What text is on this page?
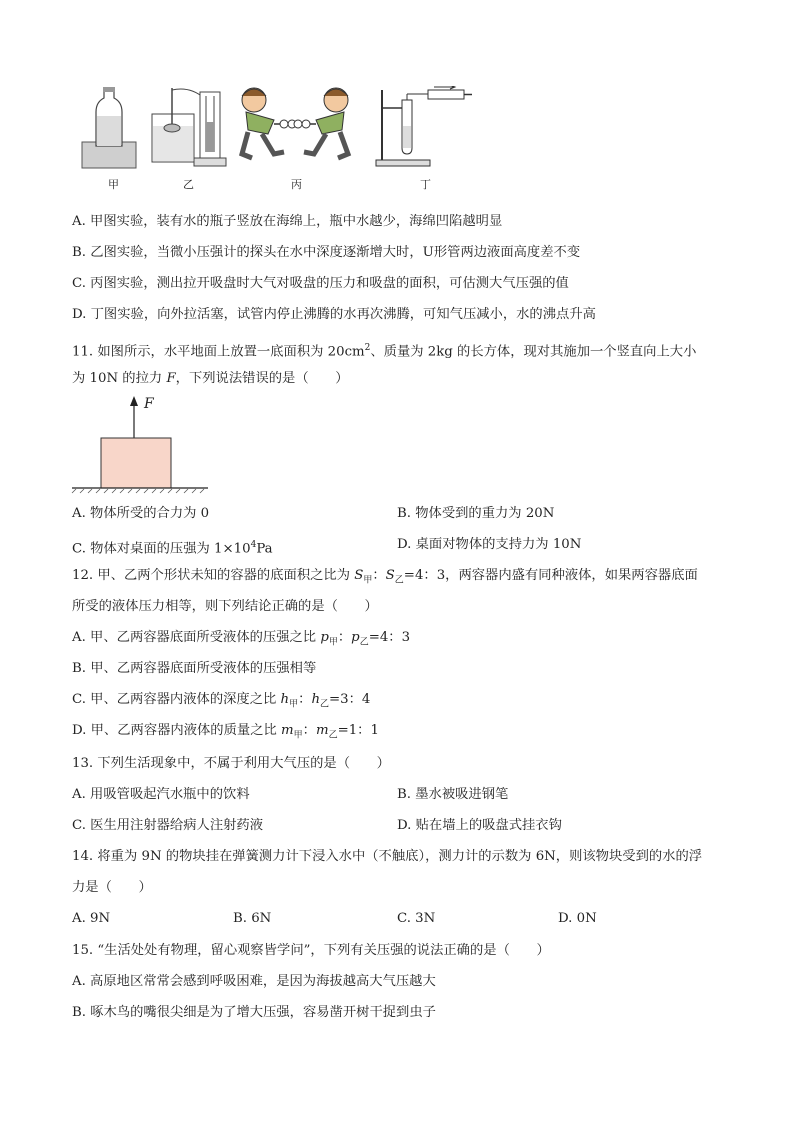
甲	乙	丙	丁
A. 甲图实验，装有水的瓶子竖放在海绵上，瓶中水越少，海绵凹陷越明显
B. 乙图实验，当微小压强计的探头在水中深度逐渐增大时，U形管两边液面高度差不变
C. 丙图实验，测出拉开吸盘时大气对吸盘的压力和吸盘的面积，可估测大气压强的值
D. 丁图实验，向外拉活塞，试管内停止沸腾的水再次沸腾，可知气压减小，水的沸点升高
11. 如图所示，水平地面上放置一底面积为 $20cm^2$、质量为 2kg 的长方体，现对其施加一个竖直向上大小
为 10N 的拉力 F，下列说法错误的是（　　）
F
A. 物体所受的合力为 0	B. 物体受到的重力为 20N
C. 物体对桌面的压强为 $1\times 10^4Pa$	D. 桌面对物体的支持力为 10N
12. 甲、乙两个形状未知的容器的底面积之比为 $S_甲$：$S_乙=4$：3，两容器内盛有同种液体，如果两容器底面
所受的液体压力相等，则下列结论正确的是（　　）
A. 甲、乙两容器底面所受液体的压强之比 $p_甲$：$p_乙=4$：3
B. 甲、乙两容器底面所受液体的压强相等
C. 甲、乙两容器内液体的深度之比 $h_甲$：$h_乙=3$：4
D. 甲、乙两容器内液体的质量之比 $m_甲$：$m_乙=1$：1
13. 下列生活现象中，不属于利用大气压的是（　　）
A. 用吸管吸起汽水瓶中的饮料	B. 墨水被吸进钢笔
C. 医生用注射器给病人注射药液	D. 贴在墙上的吸盘式挂衣钩
14. 将重为 9N 的物块挂在弹簧测力计下浸入水中（不触底），测力计的示数为 6N，则该物块受到的水的浮
力是（　　）
A. 9N	B. 6N	C. 3N	D. 0N
15. “生活处处有物理，留心观察皆学问”，下列有关压强的说法正确的是（　　）
A. 高原地区常常会感到呼吸困难，是因为海拔越高大气压越大
B. 啄木鸟的嘴很尖细是为了增大压强，容易凿开树干捉到虫子
